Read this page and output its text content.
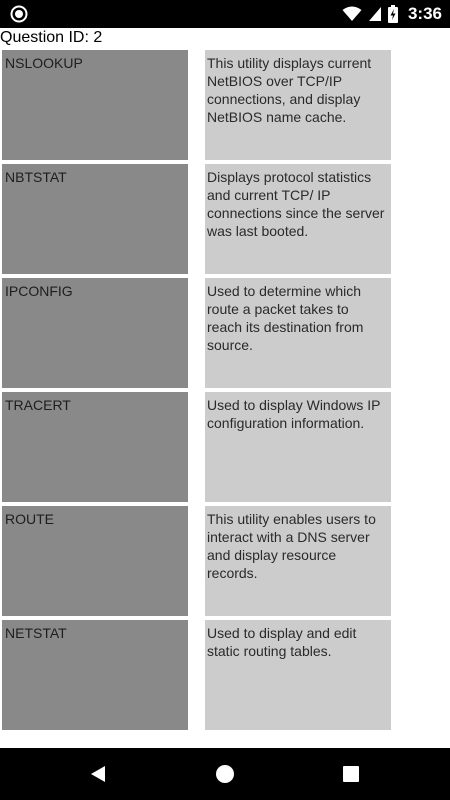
3:36
Question ID: 2
NSLOOKUP	This utility displays current NetBIOS over TCP/IP connections, and display NetBIOS name cache.
NBTSTAT	Displays protocol statistics and current TCP/ IP connections since the server was last booted.
IPCONFIG	Used to determine which route a packet takes to reach its destination from source.
TRACERT	Used to display Windows IP configuration information.
ROUTE	This utility enables users to interact with a DNS server and display resource records.
NETSTAT	Used to display and edit static routing tables.
